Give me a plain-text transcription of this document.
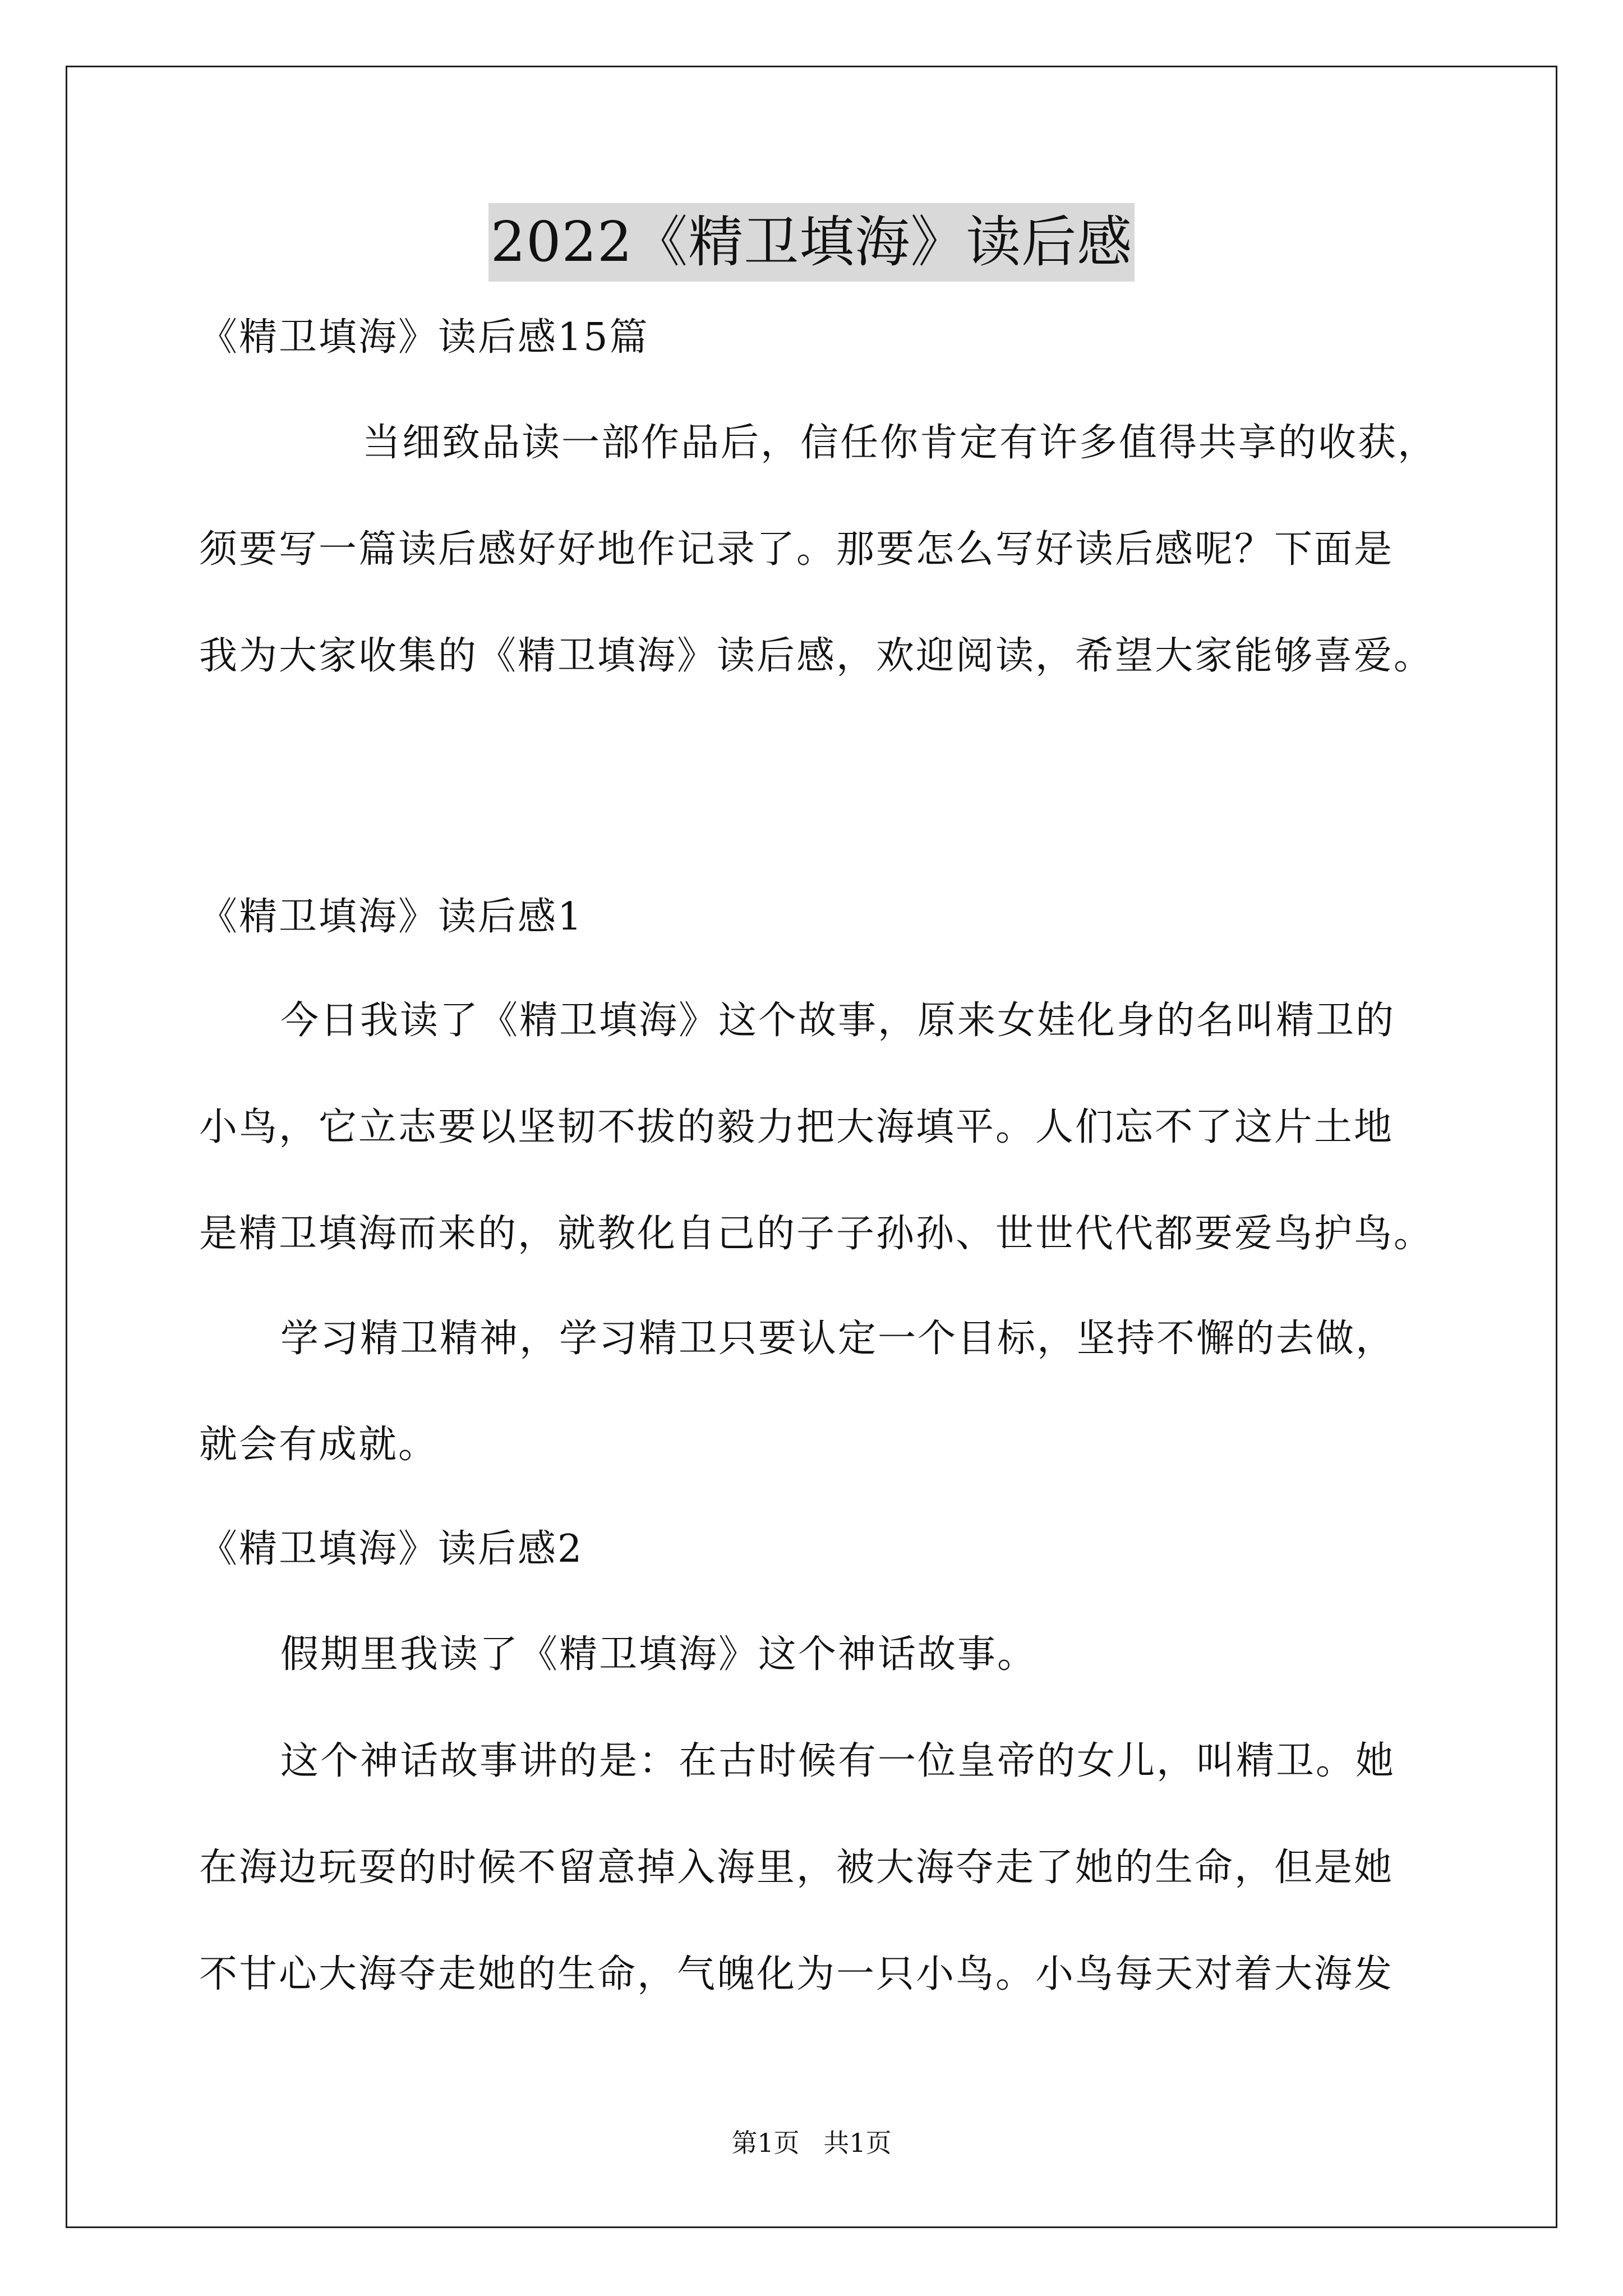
2022《精卫填海》读后感

《精卫填海》读后感15篇

当细致品读一部作品后，信任你肯定有许多值得共享的收获，

须要写一篇读后感好好地作记录了。那要怎么写好读后感呢？下面是

我为大家收集的《精卫填海》读后感，欢迎阅读，希望大家能够喜爱。

《精卫填海》读后感1

今日我读了《精卫填海》这个故事，原来女娃化身的名叫精卫的

小鸟，它立志要以坚韧不拔的毅力把大海填平。人们忘不了这片土地

是精卫填海而来的，就教化自己的子子孙孙、世世代代都要爱鸟护鸟。

学习精卫精神，学习精卫只要认定一个目标，坚持不懈的去做，

就会有成就。

《精卫填海》读后感2

假期里我读了《精卫填海》这个神话故事。

这个神话故事讲的是：在古时候有一位皇帝的女儿，叫精卫。她

在海边玩耍的时候不留意掉入海里，被大海夺走了她的生命，但是她

不甘心大海夺走她的生命，气魄化为一只小鸟。小鸟每天对着大海发

第1页 共1页
